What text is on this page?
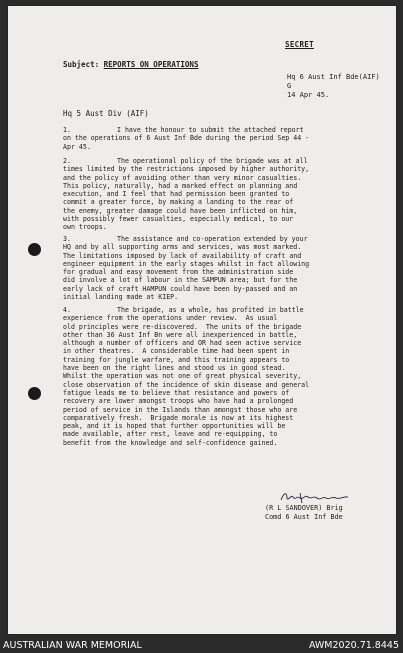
SECRET
Subject: REPORTS ON OPERATIONS
Hq 6 Aust Inf Bde(AIF)
G
14 Apr 45.
Hq 5 Aust Div (AIF)
1.	I have the honour to submit the attached report
on the operations of 6 Aust Inf Bde during the period Sep 44 -
Apr 45.
2.	The operational policy of the brigade was at all
times limited by the restrictions imposed by higher authority,
and the policy of avoiding other than very minor casualties.
This policy, naturally, had a marked effect on planning and
execution, and I feel that had permission been granted to
commit a greater force, by making a landing to the rear of
the enemy, greater damage could have been inflicted on him,
with possibly fewer casualties, especially medical, to our
own troops.
3.	The assistance and co-operation extended by your
HQ and by all supporting arms and services, was most marked.
The limitations imposed by lack of availability of craft and
engineer equipment in the early stages whilst in fact allowing
for gradual and easy movement from the administration side
did involve a lot of labour in the SAMPUN area; but for the
early lack of craft HAMPUN could have been by-passed and an
initial landing made at KIEP.
4.	The brigade, as a whole, has profited in battle
experience from the operations under review.  As usual
old principles were re-discovered.  The units of the brigade
other than 36 Aust Inf Bn were all inexperienced in battle,
although a number of officers and OR had seen active service
in other theatres.  A considerable time had been spent in
training for jungle warfare, and this training appears to
have been on the right lines and stood us in good stead.
Whilst the operation was not one of great physical severity,
close observation of the incidence of skin disease and general
fatigue leads me to believe that resistance and powers of
recovery are lower amongst troops who have had a prolonged
period of service in the Islands than amongst those who are
comparatively fresh.  Brigade morale is now at its highest
peak, and it is hoped that further opportunities will be
made available, after rest, leave and re-equipping, to
benefit from the knowledge and self-confidence gained.
(R L SANDOVER) Brig
Comd 6 Aust Inf Bde
AUSTRALIAN WAR MEMORIAL	AWM2020.71.8445
